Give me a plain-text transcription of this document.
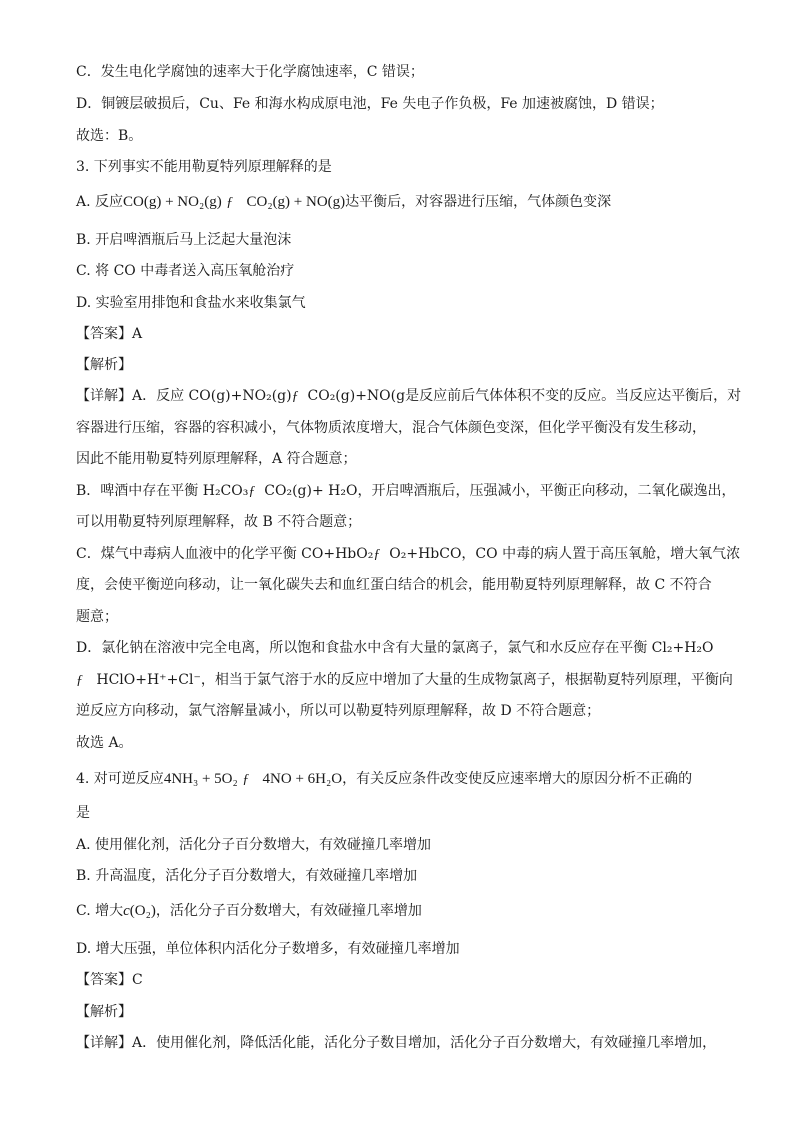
C．发生电化学腐蚀的速率大于化学腐蚀速率，C 错误；
D．铜镀层破损后，Cu、Fe 和海水构成原电池，Fe 失电子作负极，Fe 加速被腐蚀，D 错误；
故选：B。
3. 下列事实不能用勒夏特列原理解释的是
A. 反应CO(g) + NO₂(g) ƒ CO₂(g) + NO(g)达平衡后，对容器进行压缩，气体颜色变深
B. 开启啤酒瓶后马上泛起大量泡沫
C. 将 CO 中毒者送入高压氧舱治疗
D. 实验室用排饱和食盐水来收集氯气
【答案】A
【解析】
【详解】A．反应 CO(g)+NO₂(g)ƒ CO₂(g)+NO(g是反应前后气体体积不变的反应。当反应达平衡后，对
容器进行压缩，容器的容积减小，气体物质浓度增大，混合气体颜色变深，但化学平衡没有发生移动，
因此不能用勒夏特列原理解释，A 符合题意；
B．啤酒中存在平衡 H₂CO₃ƒ CO₂(g)+ H₂O，开启啤酒瓶后，压强减小，平衡正向移动，二氧化碳逸出，
可以用勒夏特列原理解释，故 B 不符合题意；
C．煤气中毒病人血液中的化学平衡 CO+HbO₂ƒ O₂+HbCO，CO 中毒的病人置于高压氧舱，增大氧气浓
度，会使平衡逆向移动，让一氧化碳失去和血红蛋白结合的机会，能用勒夏特列原理解释，故 C 不符合
题意；
D．氯化钠在溶液中完全电离，所以饱和食盐水中含有大量的氯离子，氯气和水反应存在平衡 Cl₂+H₂O
ƒ HClO+H⁺+Cl⁻，相当于氯气溶于水的反应中增加了大量的生成物氯离子，根据勒夏特列原理，平衡向
逆反应方向移动，氯气溶解量减小，所以可以勒夏特列原理解释，故 D 不符合题意；
故选 A。
4. 对可逆反应4NH₃ + 5O₂ ƒ 4NO + 6H₂O，有关反应条件改变使反应速率增大的原因分析不正确的
是
A. 使用催化剂，活化分子百分数增大，有效碰撞几率增加
B. 升高温度，活化分子百分数增大，有效碰撞几率增加
C. 增大c(O₂)，活化分子百分数增大，有效碰撞几率增加
D. 增大压强，单位体积内活化分子数增多，有效碰撞几率增加
【答案】C
【解析】
【详解】A．使用催化剂，降低活化能，活化分子数目增加，活化分子百分数增大，有效碰撞几率增加，
